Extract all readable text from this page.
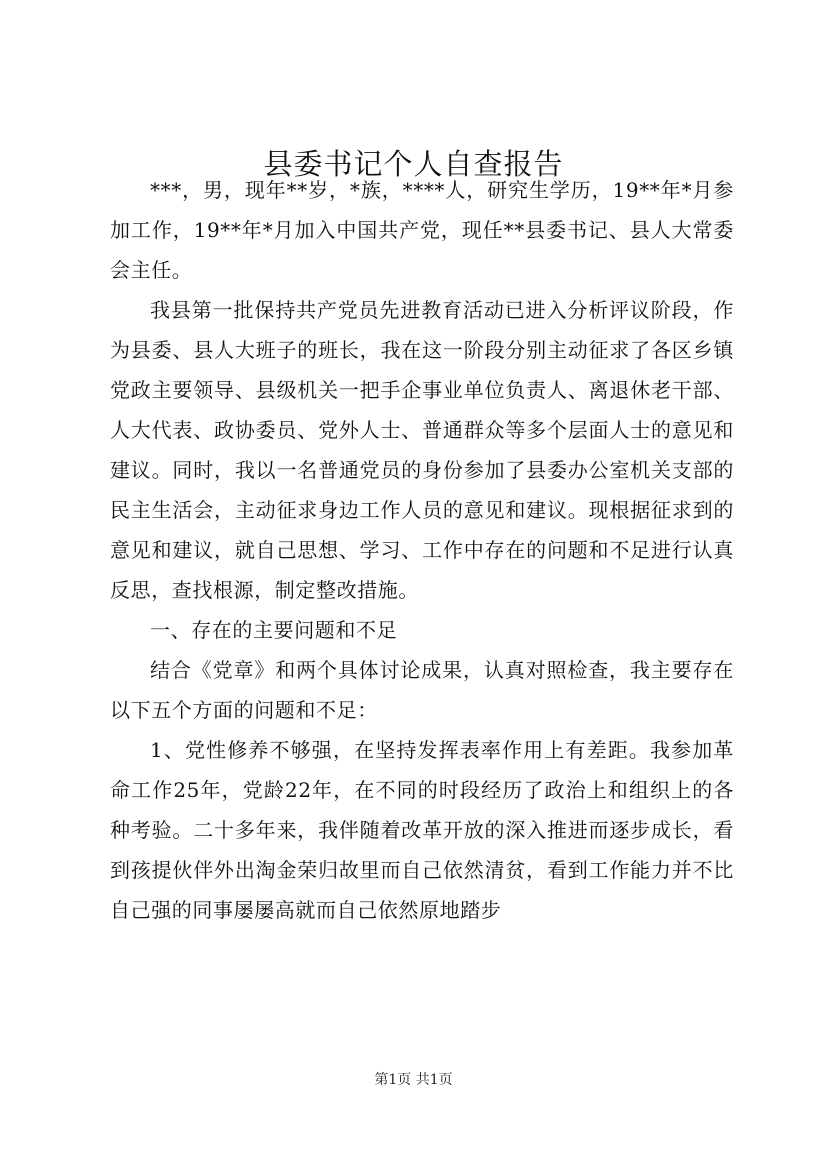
县委书记个人自查报告

***，男，现年**岁，*族，****人，研究生学历，19**年*月参加工作，19**年*月加入中国共产党，现任**县委书记、县人大常委会主任。

我县第一批保持共产党员先进教育活动已进入分析评议阶段，作为县委、县人大班子的班长，我在这一阶段分别主动征求了各区乡镇党政主要领导、县级机关一把手企事业单位负责人、离退休老干部、人大代表、政协委员、党外人士、普通群众等多个层面人士的意见和建议。同时，我以一名普通党员的身份参加了县委办公室机关支部的民主生活会，主动征求身边工作人员的意见和建议。现根据征求到的意见和建议，就自己思想、学习、工作中存在的问题和不足进行认真反思，查找根源，制定整改措施。

一、存在的主要问题和不足

结合《党章》和两个具体讨论成果，认真对照检查，我主要存在以下五个方面的问题和不足：

1、党性修养不够强，在坚持发挥表率作用上有差距。我参加革命工作25年，党龄22年，在不同的时段经历了政治上和组织上的各种考验。二十多年来，我伴随着改革开放的深入推进而逐步成长，看到孩提伙伴外出淘金荣归故里而自己依然清贫，看到工作能力并不比自己强的同事屡屡高就而自己依然原地踏步

第1页 共1页
